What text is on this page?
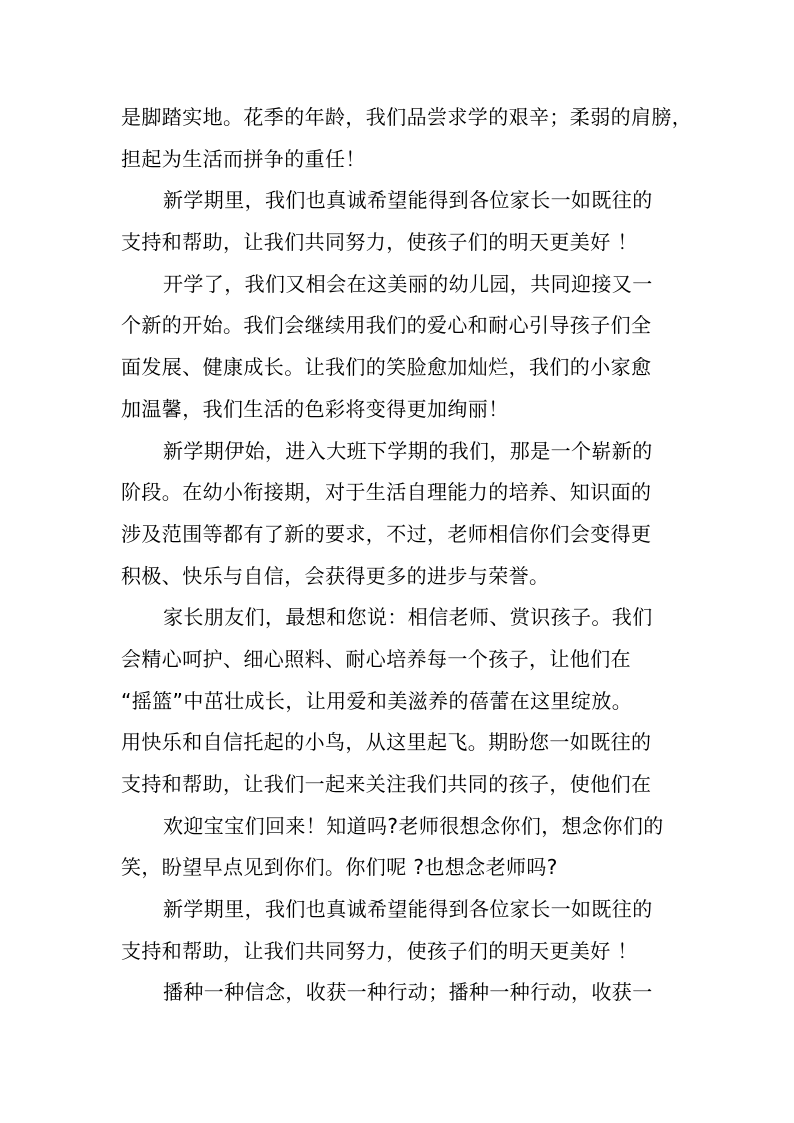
是脚踏实地。花季的年龄，我们品尝求学的艰辛；柔弱的肩膀，
担起为生活而拼争的重任！
新学期里，我们也真诚希望能得到各位家长一如既往的
支持和帮助，让我们共同努力，使孩子们的明天更美好 ！
开学了，我们又相会在这美丽的幼儿园，共同迎接又一
个新的开始。我们会继续用我们的爱心和耐心引导孩子们全
面发展、健康成长。让我们的笑脸愈加灿烂，我们的小家愈
加温馨，我们生活的色彩将变得更加绚丽！
新学期伊始，进入大班下学期的我们，那是一个崭新的
阶段。在幼小衔接期，对于生活自理能力的培养、知识面的
涉及范围等都有了新的要求，不过，老师相信你们会变得更
积极、快乐与自信，会获得更多的进步与荣誉。
家长朋友们，最想和您说：相信老师、赏识孩子。我们
会精心呵护、细心照料、耐心培养每一个孩子，让他们在
“摇篮”中茁壮成长，让用爱和美滋养的蓓蕾在这里绽放。
用快乐和自信托起的小鸟，从这里起飞。期盼您一如既往的
支持和帮助，让我们一起来关注我们共同的孩子，使他们在
欢迎宝宝们回来！知道吗?老师很想念你们，想念你们的
笑，盼望早点见到你们。你们呢 ?也想念老师吗?
新学期里，我们也真诚希望能得到各位家长一如既往的
支持和帮助，让我们共同努力，使孩子们的明天更美好 ！
播种一种信念，收获一种行动；播种一种行动，收获一
